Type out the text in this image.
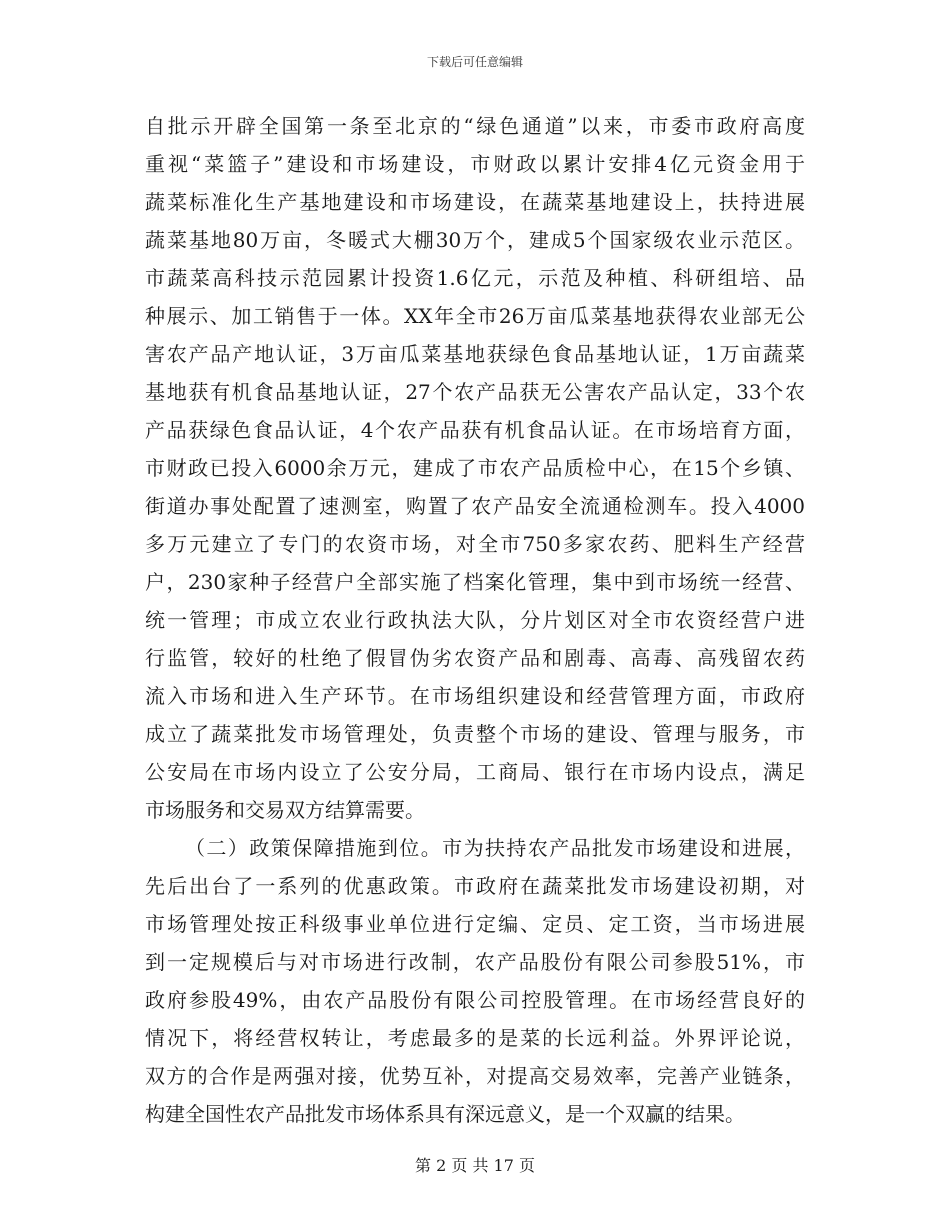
下载后可任意编辑
自批示开辟全国第一条至北京的“绿色通道”以来，市委市政府高度
重视“菜篮子”建设和市场建设，市财政以累计安排4亿元资金用于
蔬菜标准化生产基地建设和市场建设，在蔬菜基地建设上，扶持进展
蔬菜基地80万亩，冬暖式大棚30万个，建成5个国家级农业示范区。
市蔬菜高科技示范园累计投资1.6亿元，示范及种植、科研组培、品
种展示、加工销售于一体。XX年全市26万亩瓜菜基地获得农业部无公
害农产品产地认证，3万亩瓜菜基地获绿色食品基地认证，1万亩蔬菜
基地获有机食品基地认证，27个农产品获无公害农产品认定，33个农
产品获绿色食品认证，4个农产品获有机食品认证。在市场培育方面，
市财政已投入6000余万元，建成了市农产品质检中心，在15个乡镇、
街道办事处配置了速测室，购置了农产品安全流通检测车。投入4000
多万元建立了专门的农资市场，对全市750多家农药、肥料生产经营
户，230家种子经营户全部实施了档案化管理，集中到市场统一经营、
统一管理；市成立农业行政执法大队，分片划区对全市农资经营户进
行监管，较好的杜绝了假冒伪劣农资产品和剧毒、高毒、高残留农药
流入市场和进入生产环节。在市场组织建设和经营管理方面，市政府
成立了蔬菜批发市场管理处，负责整个市场的建设、管理与服务，市
公安局在市场内设立了公安分局，工商局、银行在市场内设点，满足
市场服务和交易双方结算需要。
（二）政策保障措施到位。市为扶持农产品批发市场建设和进展，
先后出台了一系列的优惠政策。市政府在蔬菜批发市场建设初期，对
市场管理处按正科级事业单位进行定编、定员、定工资，当市场进展
到一定规模后与对市场进行改制，农产品股份有限公司参股51%，市
政府参股49%，由农产品股份有限公司控股管理。在市场经营良好的
情况下，将经营权转让，考虑最多的是菜的长远利益。外界评论说，
双方的合作是两强对接，优势互补，对提高交易效率，完善产业链条，
构建全国性农产品批发市场体系具有深远意义，是一个双赢的结果。
第 2 页 共 17 页
